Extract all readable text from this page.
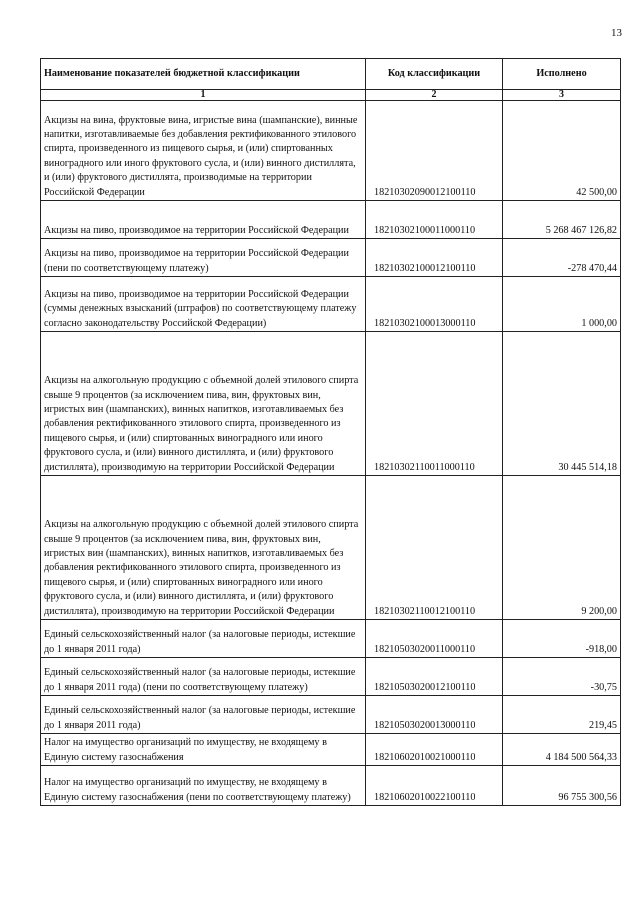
13
Наименование показателей бюджетной классификации	Код классификации	Исполнено
1	2	3
Акцизы на вина, фруктовые вина, игристые вина (шампанские), винные напитки, изготавливаемые без добавления ректификованного этилового спирта, произведенного из пищевого сырья, и (или) спиртованных виноградного или иного фруктового сусла, и (или) винного дистиллята, и (или) фруктового дистиллята, производимые на территории Российской Федерации	18210302090012100110	42 500,00
Акцизы на пиво, производимое на территории Российской Федерации	18210302100011000110	5 268 467 126,82
Акцизы на пиво, производимое на территории Российской Федерации (пени по соответствующему платежу)	18210302100012100110	-278 470,44
Акцизы на пиво, производимое на территории Российской Федерации (суммы денежных взысканий (штрафов) по соответствующему платежу согласно законодательству Российской Федерации)	18210302100013000110	1 000,00
Акцизы на алкогольную продукцию с объемной долей этилового спирта свыше 9 процентов (за исключением пива, вин, фруктовых вин, игристых вин (шампанских), винных напитков, изготавливаемых без добавления ректификованного этилового спирта, произведенного из пищевого сырья, и (или) спиртованных виноградного или иного фруктового сусла, и (или) винного дистиллята, и (или) фруктового дистиллята), производимую на территории Российской Федерации	18210302110011000110	30 445 514,18
Акцизы на алкогольную продукцию с объемной долей этилового спирта свыше 9 процентов (за исключением пива, вин, фруктовых вин, игристых вин (шампанских), винных напитков, изготавливаемых без добавления ректификованного этилового спирта, произведенного из пищевого сырья, и (или) спиртованных виноградного или иного фруктового сусла, и (или) винного дистиллята, и (или) фруктового дистиллята), производимую на территории Российской Федерации	18210302110012100110	9 200,00
Единый сельскохозяйственный налог (за налоговые периоды, истекшие до 1 января 2011 года)	18210503020011000110	-918,00
Единый сельскохозяйственный налог (за налоговые периоды, истекшие до 1 января 2011 года) (пени по соответствующему платежу)	18210503020012100110	-30,75
Единый сельскохозяйственный налог (за налоговые периоды, истекшие до 1 января 2011 года)	18210503020013000110	219,45
Налог на имущество организаций по имуществу, не входящему в Единую систему газоснабжения	18210602010021000110	4 184 500 564,33
Налог на имущество организаций по имуществу, не входящему в Единую систему газоснабжения (пени по соответствующему платежу)	18210602010022100110	96 755 300,56
